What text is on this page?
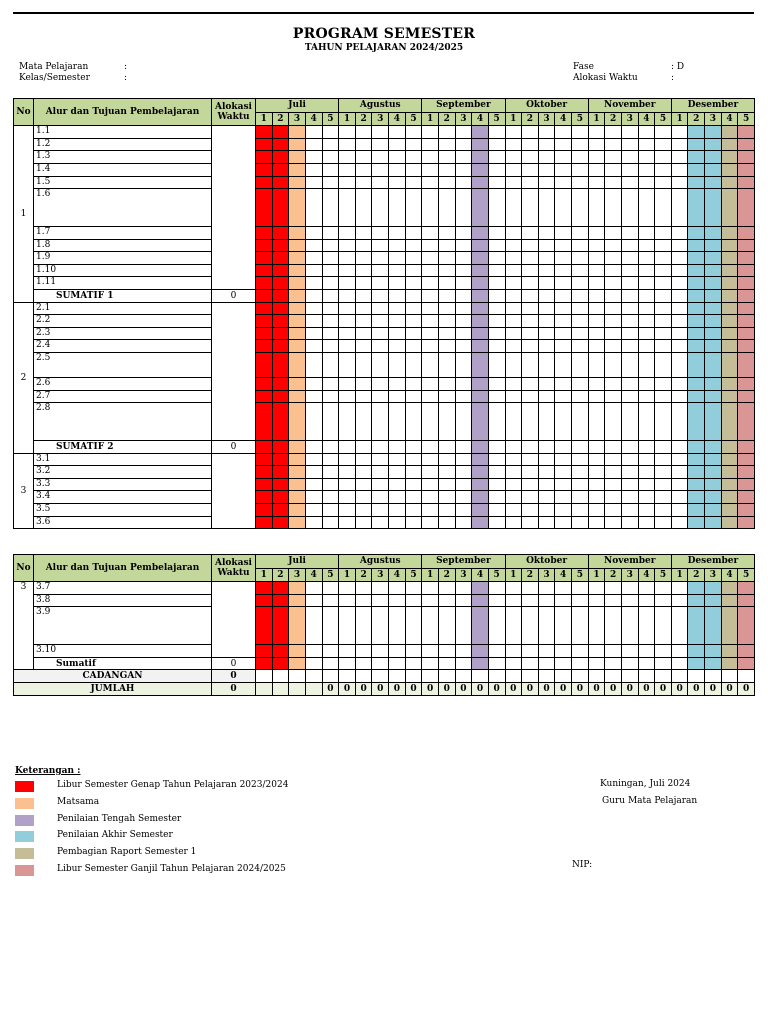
PROGRAM SEMESTER
TAHUN PELAJARAN 2024/2025
Mata Pelajaran	:
Kelas/Semester	:
Fase	: D
Alokasi Waktu	:
No	Alur dan Tujuan Pembelajaran	Alokasi
Waktu	Juli					Agustus					September					Oktober					November					Desember				
			1	2	3	4	5	1	2	3	4	5	1	2	3	4	5	1	2	3	4	5	1	2	3	4	5	1	2	3	4	5
1	1.1																															
	1.2																															
	1.3																															
	1.4																															
	1.5																															
	1.6																															
	1.7																															
	1.8																															
	1.9																															
	1.10																															
	1.11																															
	SUMATIF 1	0																														
2	2.1																															
	2.2																															
	2.3																															
	2.4																															
	2.5																															
	2.6																															
	2.7																															
	2.8																															
	SUMATIF 2	0																														
3	3.1																															
	3.2																															
	3.3																															
	3.4																															
	3.5																															
	3.6																															
No	Alur dan Tujuan Pembelajaran	Alokasi
Waktu	Juli					Agustus					September					Oktober					November					Desember				
			1	2	3	4	5	1	2	3	4	5	1	2	3	4	5	1	2	3	4	5	1	2	3	4	5	1	2	3	4	5
3	3.7																															
	3.8																															
	3.9																															
	3.10																															
	Sumatif	0																														
CADANGAN		0																														
JUMLAH		0					0	0	0	0	0	0	0	0	0	0	0	0	0	0	0	0	0	0	0	0	0	0	0	0	0	0
Keterangan :
Libur Semester Genap Tahun Pelajaran 2023/2024
Matsama
Penilaian Tengah Semester
Penilaian Akhir Semester
Pembagian Raport Semester 1
Libur Semester Ganjil Tahun Pelajaran 2024/2025
Kuningan, Juli 2024
Guru Mata Pelajaran
NIP:
